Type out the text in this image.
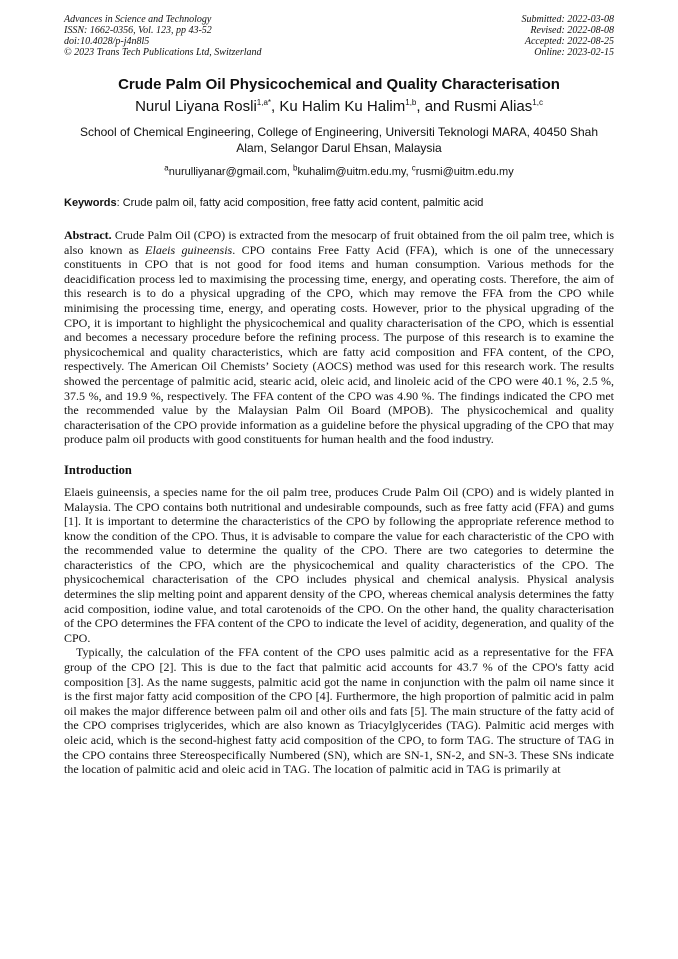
Advances in Science and Technology
ISSN: 1662-0356, Vol. 123, pp 43-52
doi:10.4028/p-j4n8l5
© 2023 Trans Tech Publications Ltd, Switzerland
Submitted: 2022-03-08
Revised: 2022-08-08
Accepted: 2022-08-25
Online: 2023-02-15
Crude Palm Oil Physicochemical and Quality Characterisation
Nurul Liyana Rosli$^{1,a*}$, Ku Halim Ku Halim$^{1,b}$, and Rusmi Alias$^{1,c}$
School of Chemical Engineering, College of Engineering, Universiti Teknologi MARA, 40450 Shah Alam, Selangor Darul Ehsan, Malaysia
$^a$nurulliyanar@gmail.com, $^b$kuhalim@uitm.edu.my, $^c$rusmi@uitm.edu.my
Keywords: Crude palm oil, fatty acid composition, free fatty acid content, palmitic acid

Abstract. Crude Palm Oil (CPO) is extracted from the mesocarp of fruit obtained from the oil palm tree, which is also known as Elaeis guineensis. CPO contains Free Fatty Acid (FFA), which is one of the unnecessary constituents in CPO that is not good for food items and human consumption. Various methods for the deacidification process led to maximising the processing time, energy, and operating costs. Therefore, the aim of this research is to do a physical upgrading of the CPO, which may remove the FFA from the CPO while minimising the processing time, energy, and operating costs. However, prior to the physical upgrading of the CPO, it is important to highlight the physicochemical and quality characterisation of the CPO, which is essential and becomes a necessary procedure before the refining process. The purpose of this research is to examine the physicochemical and quality characteristics, which are fatty acid composition and FFA content, of the CPO, respectively. The American Oil Chemists’ Society (AOCS) method was used for this research work. The results showed the percentage of palmitic acid, stearic acid, oleic acid, and linoleic acid of the CPO were 40.1 %, 2.5 %, 37.5 %, and 19.9 %, respectively. The FFA content of the CPO was 4.90 %. The findings indicated the CPO met the recommended value by the Malaysian Palm Oil Board (MPOB). The physicochemical and quality characterisation of the CPO provide information as a guideline before the physical upgrading of the CPO that may produce palm oil products with good constituents for human health and the food industry.

Introduction

Elaeis guineensis, a species name for the oil palm tree, produces Crude Palm Oil (CPO) and is widely planted in Malaysia. The CPO contains both nutritional and undesirable compounds, such as free fatty acid (FFA) and gums [1]. It is important to determine the characteristics of the CPO by following the appropriate reference method to know the condition of the CPO. Thus, it is advisable to compare the value for each characteristic of the CPO with the recommended value to determine the quality of the CPO. There are two categories to determine the characteristics of the CPO, which are the physicochemical and quality characteristics of the CPO. The physicochemical characterisation of the CPO includes physical and chemical analysis. Physical analysis determines the slip melting point and apparent density of the CPO, whereas chemical analysis determines the fatty acid composition, iodine value, and total carotenoids of the CPO. On the other hand, the quality characterisation of the CPO determines the FFA content of the CPO to indicate the level of acidity, degeneration, and quality of the CPO.

Typically, the calculation of the FFA content of the CPO uses palmitic acid as a representative for the FFA group of the CPO [2]. This is due to the fact that palmitic acid accounts for 43.7 % of the CPO's fatty acid composition [3]. As the name suggests, palmitic acid got the name in conjunction with the palm oil name since it is the first major fatty acid composition of the CPO [4]. Furthermore, the high proportion of palmitic acid in palm oil makes the major difference between palm oil and other oils and fats [5]. The main structure of the fatty acid of the CPO comprises triglycerides, which are also known as Triacylglycerides (TAG). Palmitic acid merges with oleic acid, which is the second-highest fatty acid composition of the CPO, to form TAG. The structure of TAG in the CPO contains three Stereospecifically Numbered (SN), which are SN-1, SN-2, and SN-3. These SNs indicate the location of palmitic acid and oleic acid in TAG. The location of palmitic acid in TAG is primarily at
